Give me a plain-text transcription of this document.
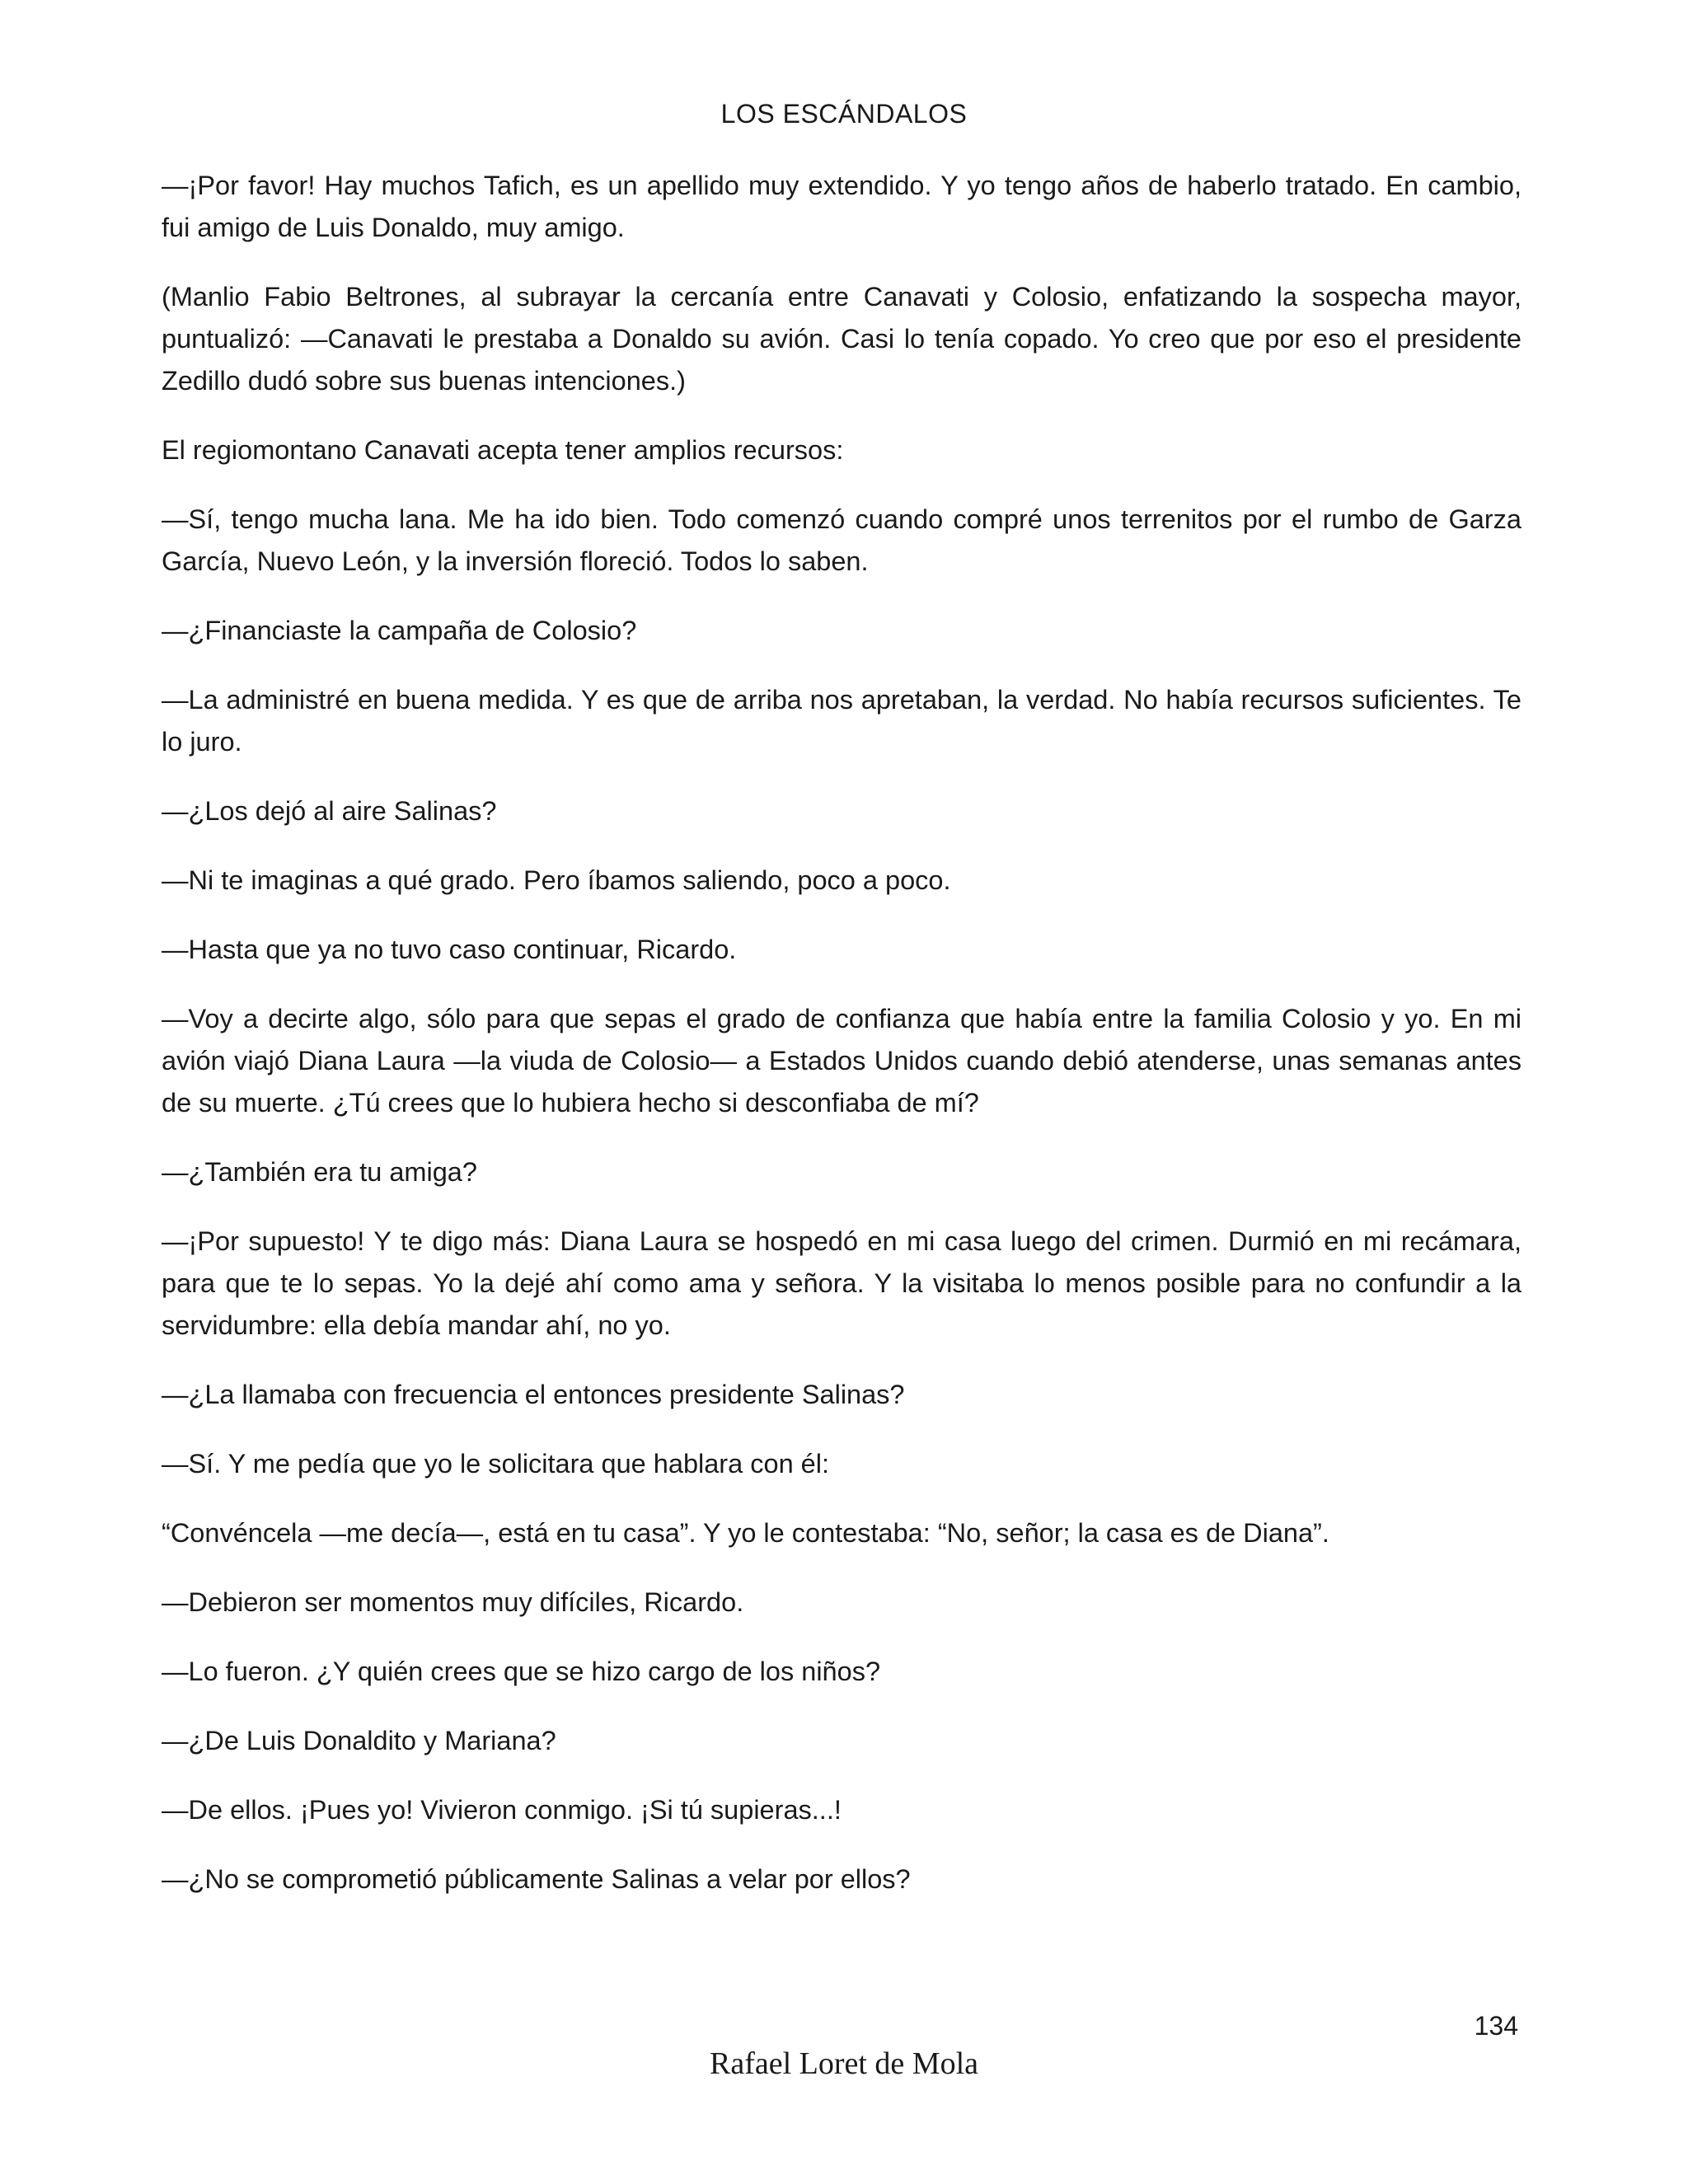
LOS ESCÁNDALOS

—¡Por favor! Hay muchos Tafich, es un apellido muy extendido. Y yo tengo años de haberlo tratado. En cambio, fui amigo de Luis Donaldo, muy amigo.

(Manlio Fabio Beltrones, al subrayar la cercanía entre Canavati y Colosio, enfatizando la sospecha mayor, puntualizó: —Canavati le prestaba a Donaldo su avión. Casi lo tenía copado. Yo creo que por eso el presidente Zedillo dudó sobre sus buenas intenciones.)

El regiomontano Canavati acepta tener amplios recursos:

—Sí, tengo mucha lana. Me ha ido bien. Todo comenzó cuando compré unos terrenitos por el rumbo de Garza García, Nuevo León, y la inversión floreció. Todos lo saben.

—¿Financiaste la campaña de Colosio?

—La administré en buena medida. Y es que de arriba nos apretaban, la verdad. No había recursos suficientes. Te lo juro.

—¿Los dejó al aire Salinas?

—Ni te imaginas a qué grado. Pero íbamos saliendo, poco a poco.

—Hasta que ya no tuvo caso continuar, Ricardo.

—Voy a decirte algo, sólo para que sepas el grado de confianza que había entre la familia Colosio y yo. En mi avión viajó Diana Laura —la viuda de Colosio— a Estados Unidos cuando debió atenderse, unas semanas antes de su muerte. ¿Tú crees que lo hubiera hecho si desconfiaba de mí?

—¿También era tu amiga?

—¡Por supuesto! Y te digo más: Diana Laura se hospedó en mi casa luego del crimen. Durmió en mi recámara, para que te lo sepas. Yo la dejé ahí como ama y señora. Y la visitaba lo menos posible para no confundir a la servidumbre: ella debía mandar ahí, no yo.

—¿La llamaba con frecuencia el entonces presidente Salinas?

—Sí. Y me pedía que yo le solicitara que hablara con él:

“Convéncela —me decía—, está en tu casa”. Y yo le contestaba: “No, señor; la casa es de Diana”.

—Debieron ser momentos muy difíciles, Ricardo.

—Lo fueron. ¿Y quién crees que se hizo cargo de los niños?

—¿De Luis Donaldito y Mariana?

—De ellos. ¡Pues yo! Vivieron conmigo. ¡Si tú supieras...!

—¿No se comprometió públicamente Salinas a velar por ellos?

134
Rafael Loret de Mola
